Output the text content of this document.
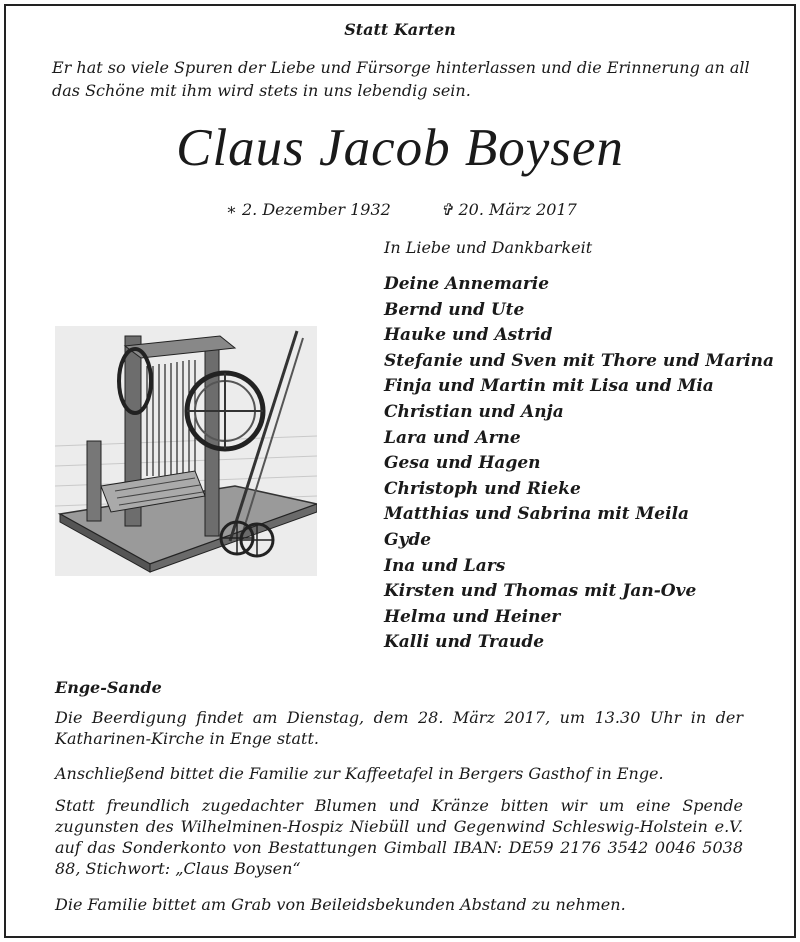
Statt Karten
Er hat so viele Spuren der Liebe und Fürsorge hinterlassen und die Erinnerung an all das Schöne mit ihm wird stets in uns lebendig sein.
Claus Jacob Boysen
∗ 2. Dezember 1932	✞ 20. März 2017
In Liebe und Dankbarkeit
Deine Annemarie
Bernd und Ute
Hauke und Astrid
Stefanie und Sven mit Thore und Marina
Finja und Martin mit Lisa und Mia
Christian und Anja
Lara und Arne
Gesa und Hagen
Christoph und Rieke
Matthias und Sabrina mit Meila
Gyde
Ina und Lars
Kirsten und Thomas mit Jan-Ove
Helma und Heiner
Kalli und Traude
Enge-Sande

Die Beerdigung findet am Dienstag, dem 28. März 2017, um 13.30 Uhr in der Katharinen-Kirche in Enge statt.

Anschließend bittet die Familie zur Kaffeetafel in Bergers Gasthof in Enge.

Statt freundlich zugedachter Blumen und Kränze bitten wir um eine Spende zugunsten des Wilhelminen-Hospiz Niebüll und Gegenwind Schleswig-Holstein e.V. auf das Sonderkonto von Bestattungen Gimball IBAN: DE59 2176 3542 0046 5038 88, Stichwort: „Claus Boysen“

Die Familie bittet am Grab von Beileidsbekunden Abstand zu nehmen.
